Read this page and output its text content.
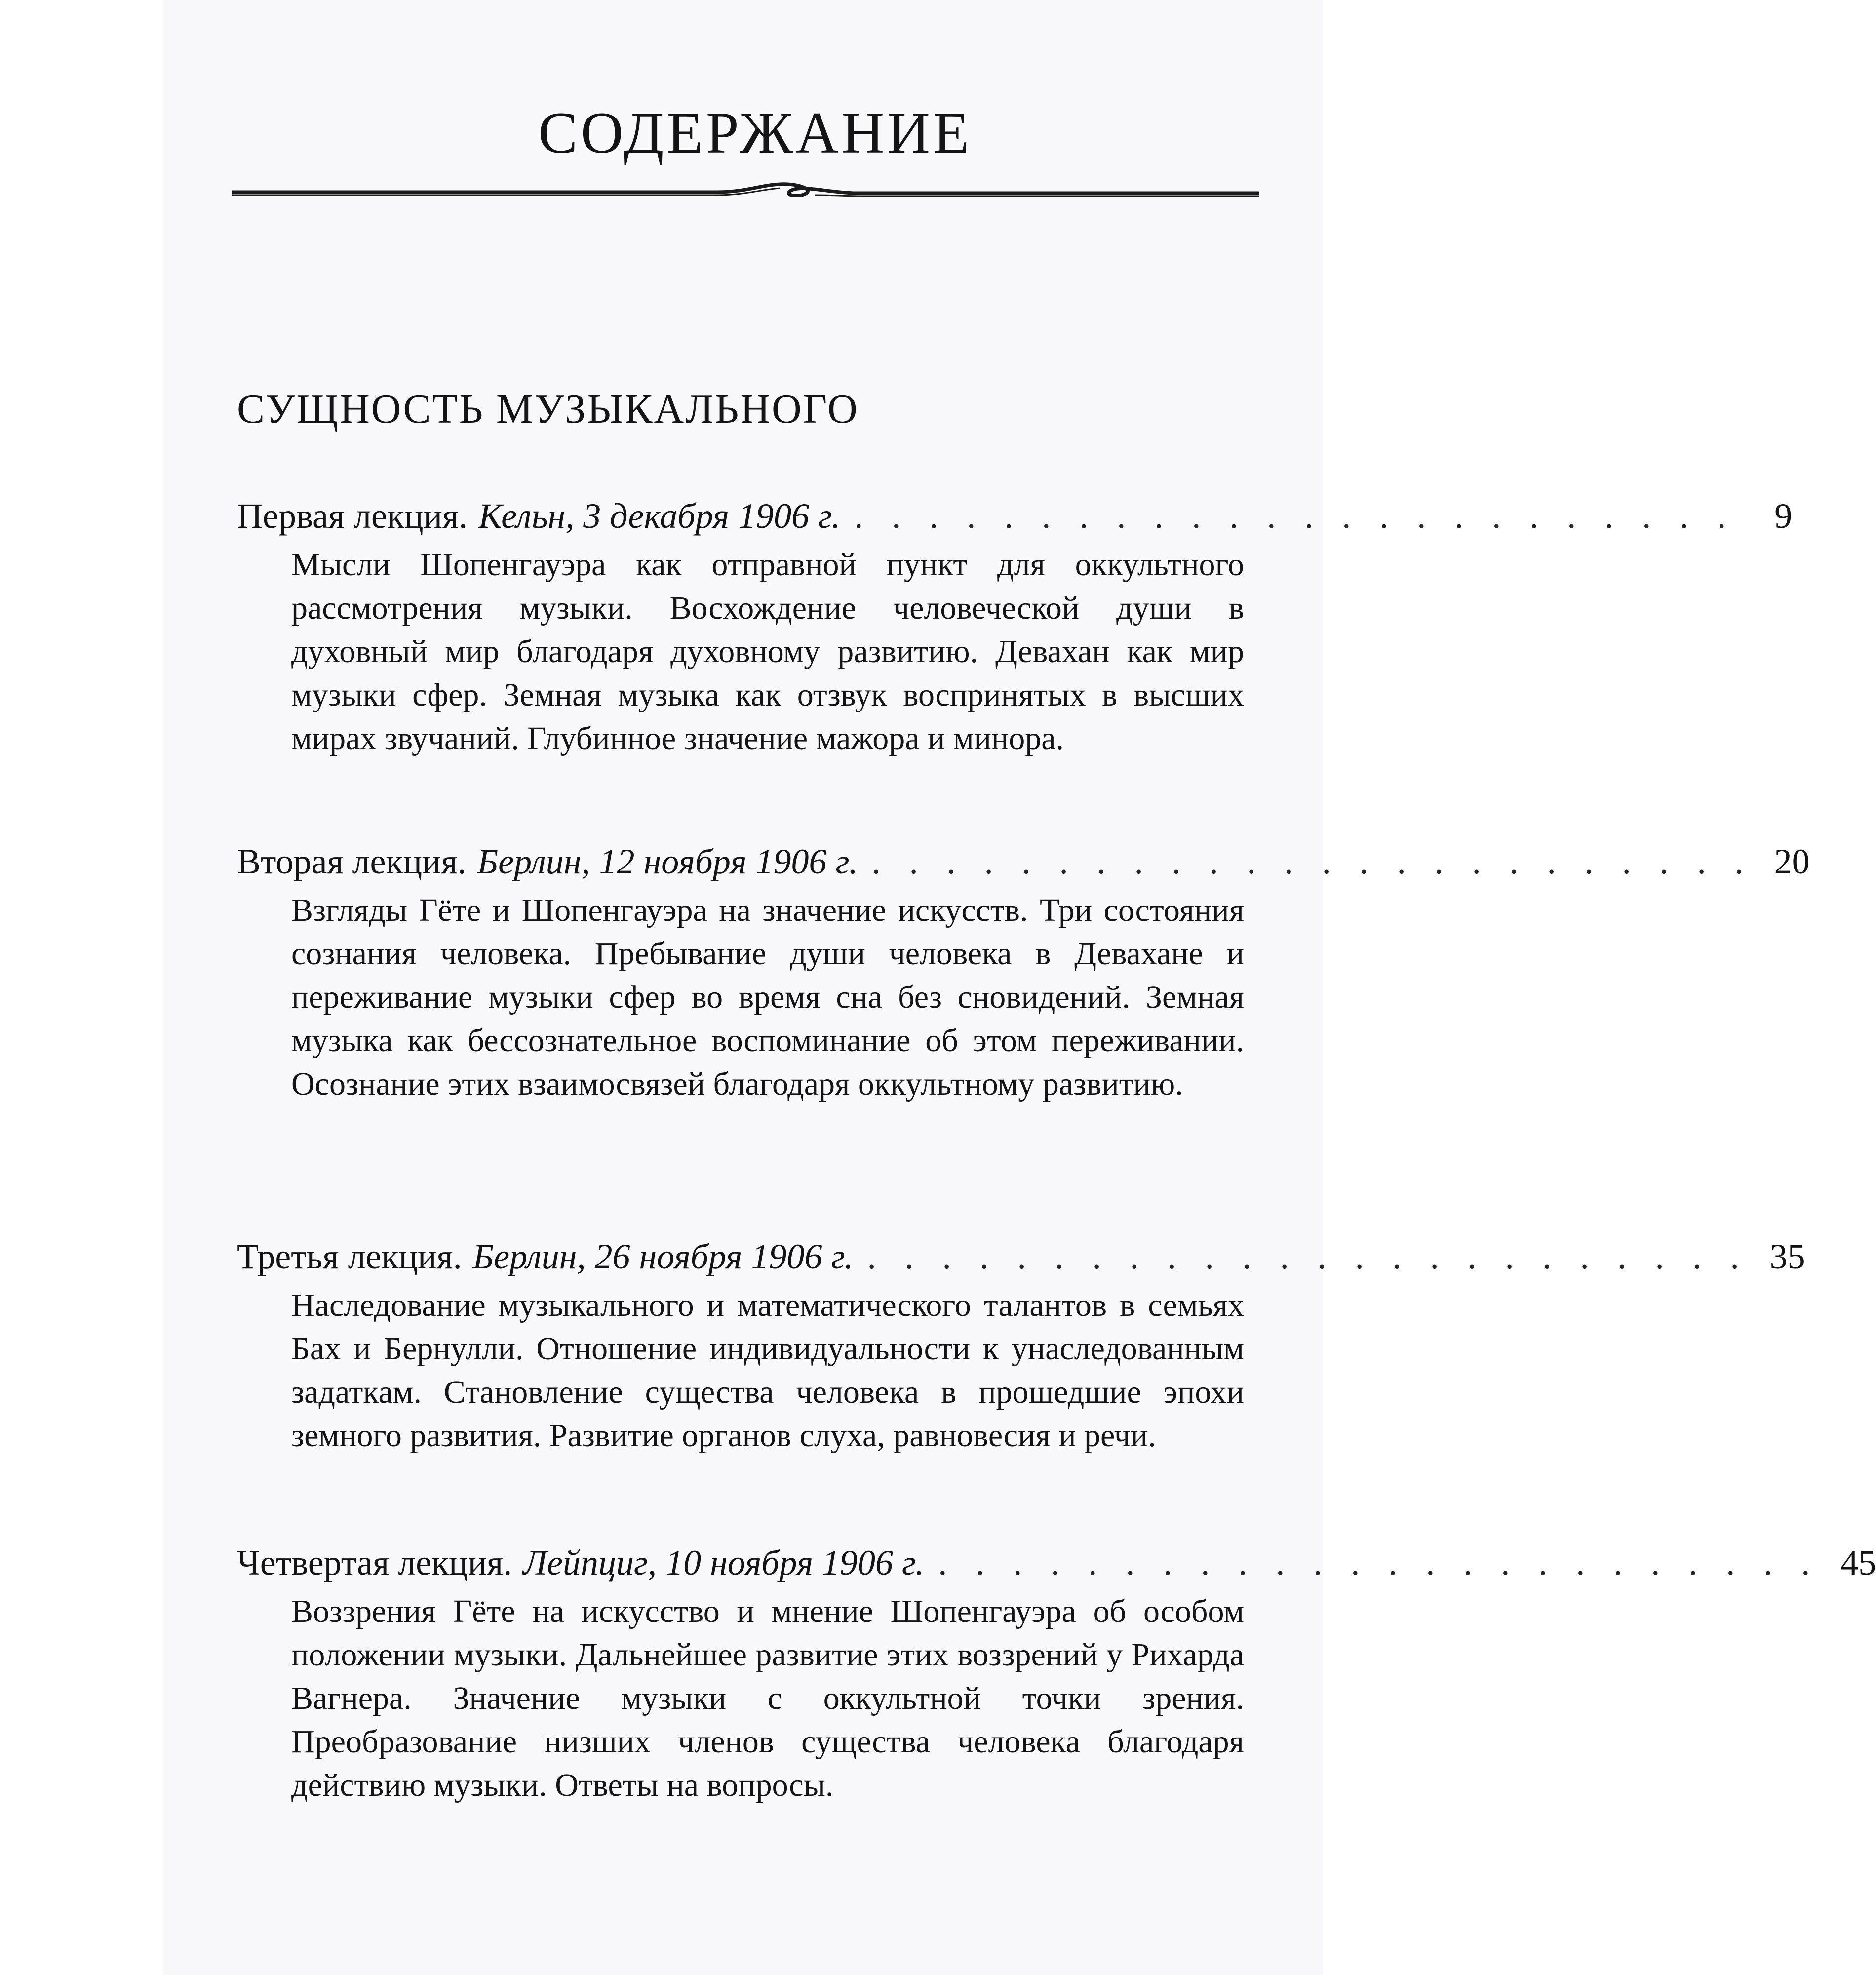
СОДЕРЖАНИЕ
СУЩНОСТЬ МУЗЫКАЛЬНОГО
Первая лекция. Кельн, 3 декабря 1906 г. . . . . . . . . . . . . . . . . . . . . . . . .	9
Мысли Шопенгауэра как отправной пункт для оккультного рассмотрения музыки. Восхождение человеческой души в духовный мир благодаря духовному развитию. Девахан как мир музыки сфер. Земная музыка как отзвук воспринятых в высших мирах звучаний. Глубинное значение мажора и минора.
Вторая лекция. Берлин, 12 ноября 1906 г. . . . . . . . . . . . . . . . . . . . . . . . . 20
Взгляды Гёте и Шопенгауэра на значение искусств. Три состояния сознания человека. Пребывание души человека в Девахане и переживание музыки сфер во время сна без сновидений. Земная музыка как бессознательное воспоминание об этом переживании. Осознание этих взаимосвязей благодаря оккультному развитию.
Третья лекция. Берлин, 26 ноября 1906 г. . . . . . . . . . . . . . . . . . . . . . . . . 35
Наследование музыкального и математического талантов в семьях Бах и Бернулли. Отношение индивидуальности к унаследованным задаткам. Становление существа человека в прошедшие эпохи земного развития. Развитие органов слуха, равновесия и речи.
Четвертая лекция. Лейпциг, 10 ноября 1906 г. . . . . . . . . . . . . . . . . . . . . . . . . 45
Воззрения Гёте на искусство и мнение Шопенгауэра об особом положении музыки. Дальнейшее развитие этих воззрений у Рихарда Вагнера. Значение музыки с оккультной точки зрения. Преобразование низших членов существа человека благодаря действию музыки. Ответы на вопросы.
